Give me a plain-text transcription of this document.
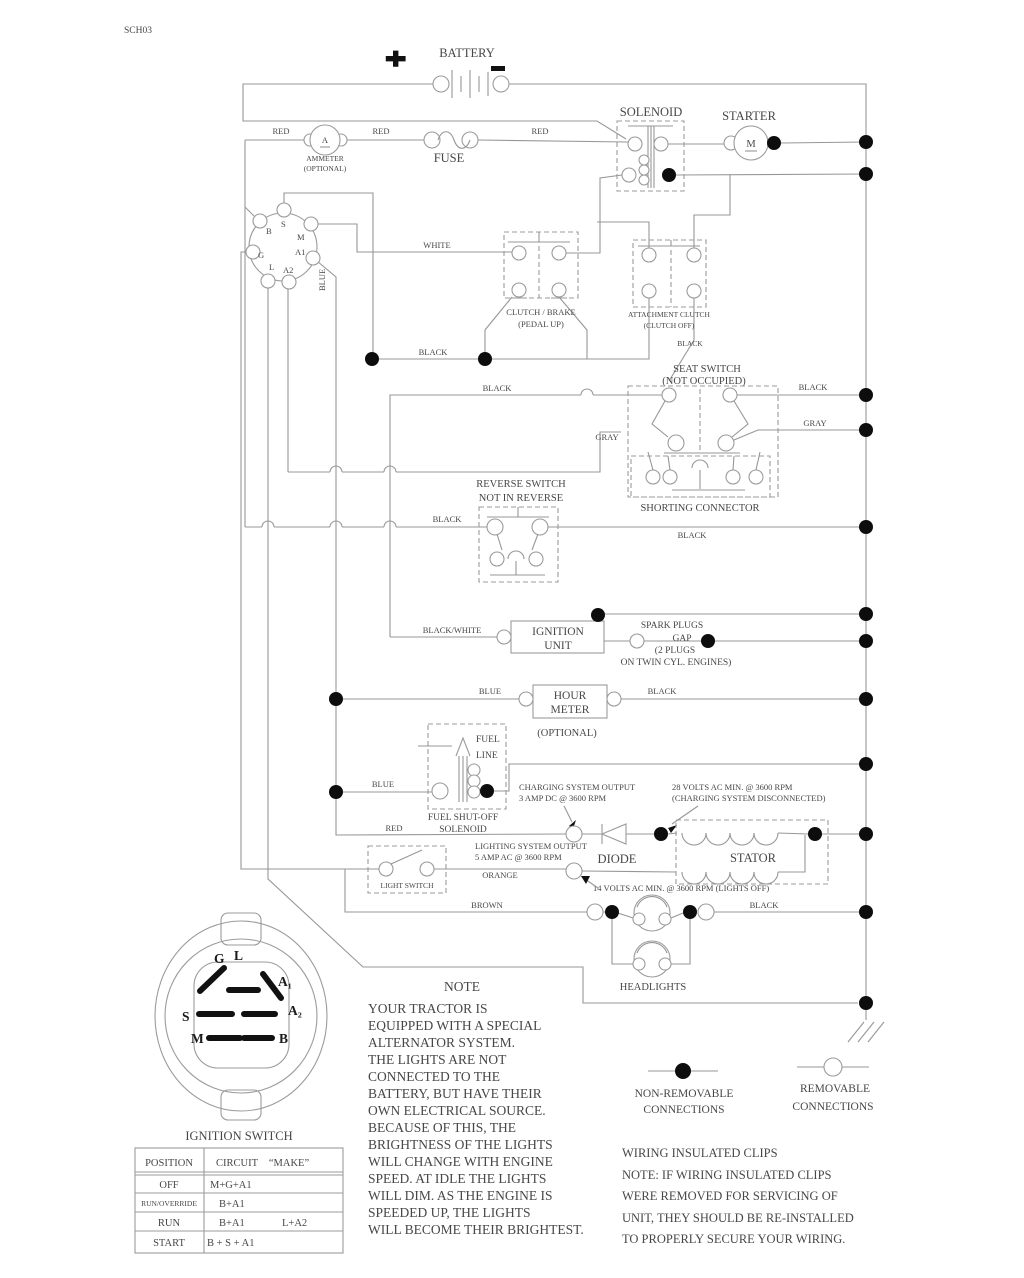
BATTERY
A
AMMETER
(OPTIONAL)
FUSE
RED	RED	RED
SOLENOID
M
STARTER
B
S
M
G	A1
L A2	BLUE
WHITE
CLUTCH / BRAKE
(PEDAL UP)
ATTACHMENT CLUTCH
(CLUTCH OFF)
BLACK
BLACK
SEAT SWITCH
(NOT OCCUPIED)
SHORTING CONNECTOR
BLACK	BLACK
GRAY
GRAY
REVERSE SWITCH
NOT IN REVERSE
BLACK
BLACK
IGNITION
UNIT
BLACK/WHITE	SPARK PLUGS
GAP
(2 PLUGS
ON TWIN CYL. ENGINES)
HOUR
METER
(OPTIONAL)
BLUE	BLACK
FUEL
LINE
FUEL SHUT-OFF
SOLENOID
BLUE
RED
CHARGING SYSTEM OUTPUT
3 AMP DC @ 3600 RPM
28 VOLTS AC MIN. @ 3600 RPM
(CHARGING SYSTEM DISCONNECTED)
DIODE	STATOR
LIGHTING SYSTEM OUTPUT
5 AMP AC @ 3600 RPM
LIGHT SWITCH	14 VOLTS AC MIN. @ 3600 RPM (LIGHTS OFF)
ORANGE
BROWN
HEADLIGHTS
BLACK
NOTE
YOUR TRACTOR IS
EQUIPPED WITH A SPECIAL
ALTERNATOR SYSTEM.
THE LIGHTS ARE NOT
CONNECTED TO THE
BATTERY, BUT HAVE THEIR
OWN ELECTRICAL SOURCE.
BECAUSE OF THIS, THE
BRIGHTNESS OF THE LIGHTS
WILL CHANGE WITH ENGINE
SPEED. AT IDLE THE LIGHTS
WILL DIM. AS THE ENGINE IS
SPEEDED UP, THE LIGHTS
WILL BECOME THEIR BRIGHTEST.
NON-REMOVABLE
CONNECTIONS
REMOVABLE
CONNECTIONS
WIRING INSULATED CLIPS
NOTE: IF WIRING INSULATED CLIPS
WERE REMOVED FOR SERVICING OF
UNIT, THEY SHOULD BE RE-INSTALLED
TO PROPERLY SECURE YOUR WIRING.
G L
A₁
A₂
S
M	B
IGNITION SWITCH
POSITION CIRCUIT “MAKE”
OFF	M+G+A1
RUN/OVERRIDE B+A1
RUN	B+A1	L+A2
START B + S + A1
SCH03
